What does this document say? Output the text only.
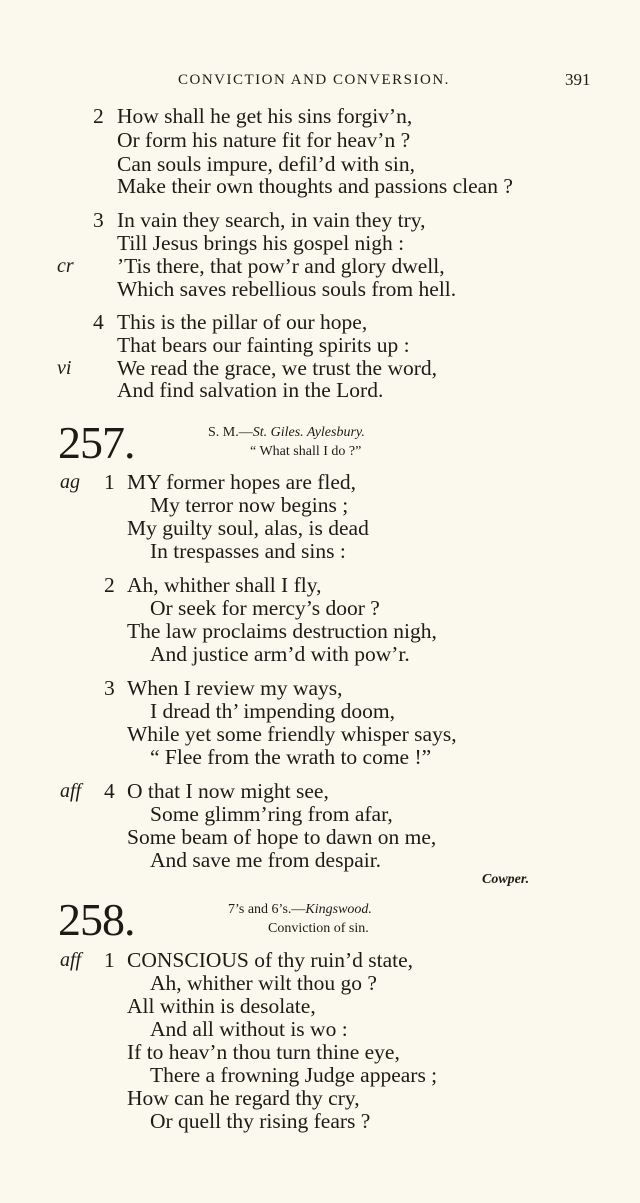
CONVICTION AND CONVERSION.	391
2 How shall he get his sins forgiv’n,
Or form his nature fit for heav’n ?
Can souls impure, defil’d with sin,
Make their own thoughts and passions clean ?
3 In vain they search, in vain they try,
Till Jesus brings his gospel nigh :
cr ’Tis there, that pow’r and glory dwell,
Which saves rebellious souls from hell.
4 This is the pillar of our hope,
That bears our fainting spirits up :
vi We read the grace, we trust the word,
And find salvation in the Lord.
257.	S. M.—St. Giles. Aylesbury.
“ What shall I do ?”
ag 1 MY former hopes are fled,
My terror now begins ;
My guilty soul, alas, is dead
In trespasses and sins :
2 Ah, whither shall I fly,
Or seek for mercy’s door ?
The law proclaims destruction nigh,
And justice arm’d with pow’r.
3 When I review my ways,
I dread th’ impending doom,
While yet some friendly whisper says,
“ Flee from the wrath to come !”
aff 4 O that I now might see,
Some glimm’ring from afar,
Some beam of hope to dawn on me,
And save me from despair.
Cowper.
258.	7’s and 6’s.—Kingswood.
Conviction of sin.
aff 1 CONSCIOUS of thy ruin’d state,
Ah, whither wilt thou go ?
All within is desolate,
And all without is wo :
If to heav’n thou turn thine eye,
There a frowning Judge appears ;
How can he regard thy cry,
Or quell thy rising fears ?
